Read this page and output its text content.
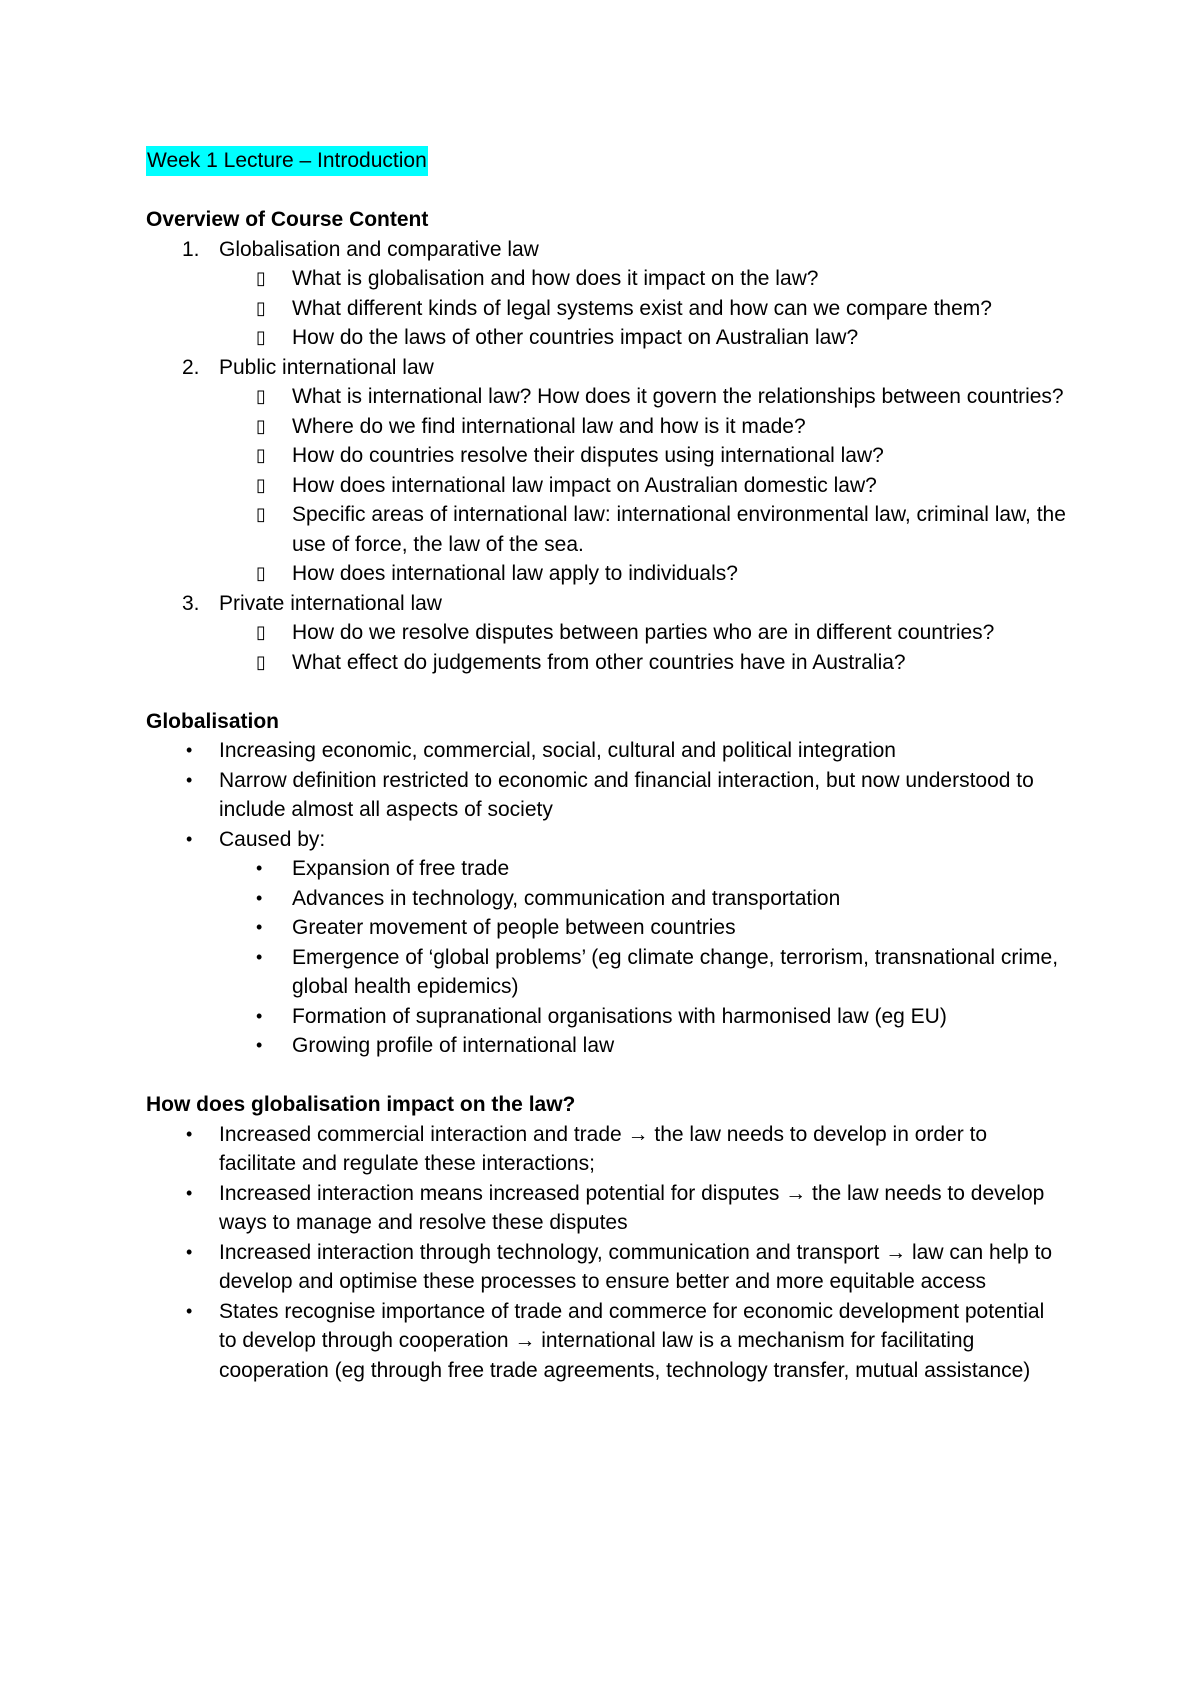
Week 1 Lecture – Introduction
Overview of Course Content
1. Globalisation and comparative law
▯ What is globalisation and how does it impact on the law?
▯ What different kinds of legal systems exist and how can we compare them?
▯ How do the laws of other countries impact on Australian law?
2. Public international law
▯ What is international law? How does it govern the relationships between countries?
▯ Where do we find international law and how is it made?
▯ How do countries resolve their disputes using international law?
▯ How does international law impact on Australian domestic law?
▯ Specific areas of international law: international environmental law, criminal law, the use of force, the law of the sea.
▯ How does international law apply to individuals?
3. Private international law
▯ How do we resolve disputes between parties who are in different countries?
▯ What effect do judgements from other countries have in Australia?
Globalisation
• Increasing economic, commercial, social, cultural and political integration
• Narrow definition restricted to economic and financial interaction, but now understood to include almost all aspects of society
• Caused by:
• Expansion of free trade
• Advances in technology, communication and transportation
• Greater movement of people between countries
• Emergence of ‘global problems’ (eg climate change, terrorism, transnational crime, global health epidemics)
• Formation of supranational organisations with harmonised law (eg EU)
• Growing profile of international law
How does globalisation impact on the law?
• Increased commercial interaction and trade → the law needs to develop in order to facilitate and regulate these interactions;
• Increased interaction means increased potential for disputes → the law needs to develop ways to manage and resolve these disputes
• Increased interaction through technology, communication and transport → law can help to develop and optimise these processes to ensure better and more equitable access
• States recognise importance of trade and commerce for economic development potential to develop through cooperation → international law is a mechanism for facilitating cooperation (eg through free trade agreements, technology transfer, mutual assistance)
